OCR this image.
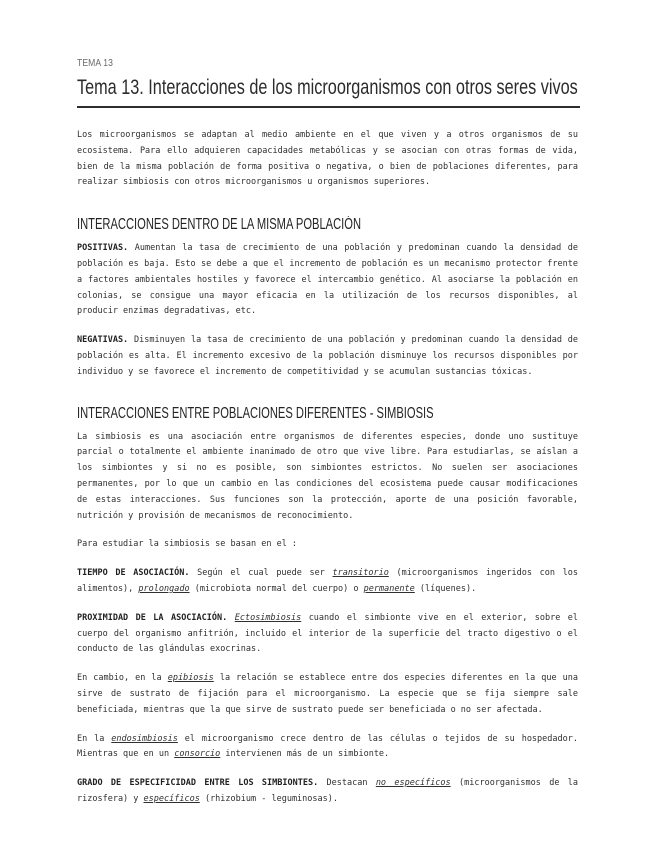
TEMA 13
Tema 13. Interacciones de los microorganismos con otros seres vivos

Los microorganismos se adaptan al medio ambiente en el que viven y a otros organismos de su ecosistema. Para ello adquieren capacidades metabólicas y se asocian con otras formas de vida, bien de la misma población de forma positiva o negativa, o bien de poblaciones diferentes, para realizar simbiosis con otros microorganismos u organismos superiores.

INTERACCIONES DENTRO DE LA MISMA POBLACIÓN

POSITIVAS. Aumentan la tasa de crecimiento de una población y predominan cuando la densidad de población es baja. Esto se debe a que el incremento de población es un mecanismo protector frente a factores ambientales hostiles y favorece el intercambio genético. Al asociarse la población en colonias, se consigue una mayor eficacia en la utilización de los recursos disponibles, al producir enzimas degradativas, etc.

NEGATIVAS. Disminuyen la tasa de crecimiento de una población y predominan cuando la densidad de población es alta. El incremento excesivo de la población disminuye los recursos disponibles por individuo y se favorece el incremento de competitividad y se acumulan sustancias tóxicas.

INTERACCIONES ENTRE POBLACIONES DIFERENTES - SIMBIOSIS

La simbiosis es una asociación entre organismos de diferentes especies, donde uno sustituye parcial o totalmente el ambiente inanimado de otro que vive libre. Para estudiarlas, se aíslan a los simbiontes y si no es posible, son simbiontes estrictos. No suelen ser asociaciones permanentes, por lo que un cambio en las condiciones del ecosistema puede causar modificaciones de estas interacciones. Sus funciones son la protección, aporte de una posición favorable, nutrición y provisión de mecanismos de reconocimiento.

Para estudiar la simbiosis se basan en el :

TIEMPO DE ASOCIACIÓN. Según el cual puede ser transitorio (microorganismos ingeridos con los alimentos), prolongado (microbiota normal del cuerpo) o permanente (líquenes).

PROXIMIDAD DE LA ASOCIACIÓN. Ectosimbiosis cuando el simbionte vive en el exterior, sobre el cuerpo del organismo anfitrión, incluido el interior de la superficie del tracto digestivo o el conducto de las glándulas exocrinas.

En cambio, en la epibiosis la relación se establece entre dos especies diferentes en la que una sirve de sustrato de fijación para el microorganismo. La especie que se fija siempre sale beneficiada, mientras que la que sirve de sustrato puede ser beneficiada o no ser afectada.

En la endosimbiosis el microorganismo crece dentro de las células o tejidos de su hospedador. Mientras que en un consorcio intervienen más de un simbionte.

GRADO DE ESPECIFICIDAD ENTRE LOS SIMBIONTES. Destacan no específicos (microorganismos de la rizosfera) y específicos (rhizobium - leguminosas).
